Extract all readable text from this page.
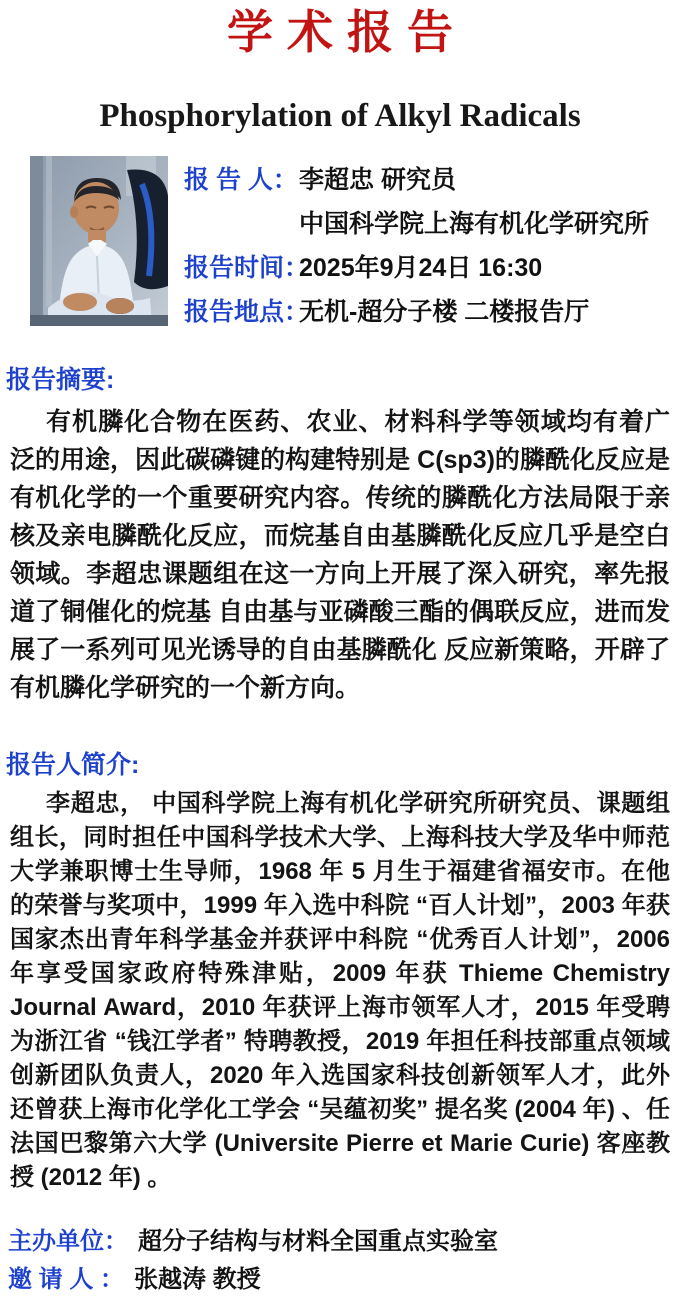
学术报告
Phosphorylation of Alkyl Radicals
报 告 人： 李超忠 研究员
中国科学院上海有机化学研究所
报告时间：
2025年9月24日 16:30
报告地点：
无机-超分子楼 二楼报告厅
报告摘要:

有机膦化合物在医药、农业、材料科学等领域均有着广泛的用途，因此碳磷键的构建特别是 C(sp3)的膦酰化反应是有机化学的一个重要研究内容。传统的膦酰化方法局限于亲核及亲电膦酰化反应，而烷基自由基膦酰化反应几乎是空白领域。李超忠课题组在这一方向上开展了深入研究，率先报道了铜催化的烷基 自由基与亚磷酸三酯的偶联反应，进而发展了一系列可见光诱导的自由基膦酰化 反应新策略，开辟了有机膦化学研究的一个新方向。

报告人简介:

李超忠， 中国科学院上海有机化学研究所研究员、课题组组长，同时担任中国科学技术大学、上海科技大学及华中师范大学兼职博士生导师，1968 年 5 月生于福建省福安市。在他的荣誉与奖项中，1999 年入选中科院 “百人计划”，2003 年获国家杰出青年科学基金并获评中科院 “优秀百人计划”，2006 年享受国家政府特殊津贴，2009 年获 Thieme Chemistry Journal Award，2010 年获评上海市领军人才，2015 年受聘为浙江省 “钱江学者” 特聘教授，2019 年担任科技部重点领域创新团队负责人，2020 年入选国家科技创新领军人才，此外还曾获上海市化学化工学会 “吴蕴初奖” 提名奖 (2004 年) 、任法国巴黎第六大学 (Universite Pierre et Marie Curie) 客座教授 (2012 年) 。

主办单位： 超分子结构与材料全国重点实验室
邀 请 人 ： 张越涛 教授
